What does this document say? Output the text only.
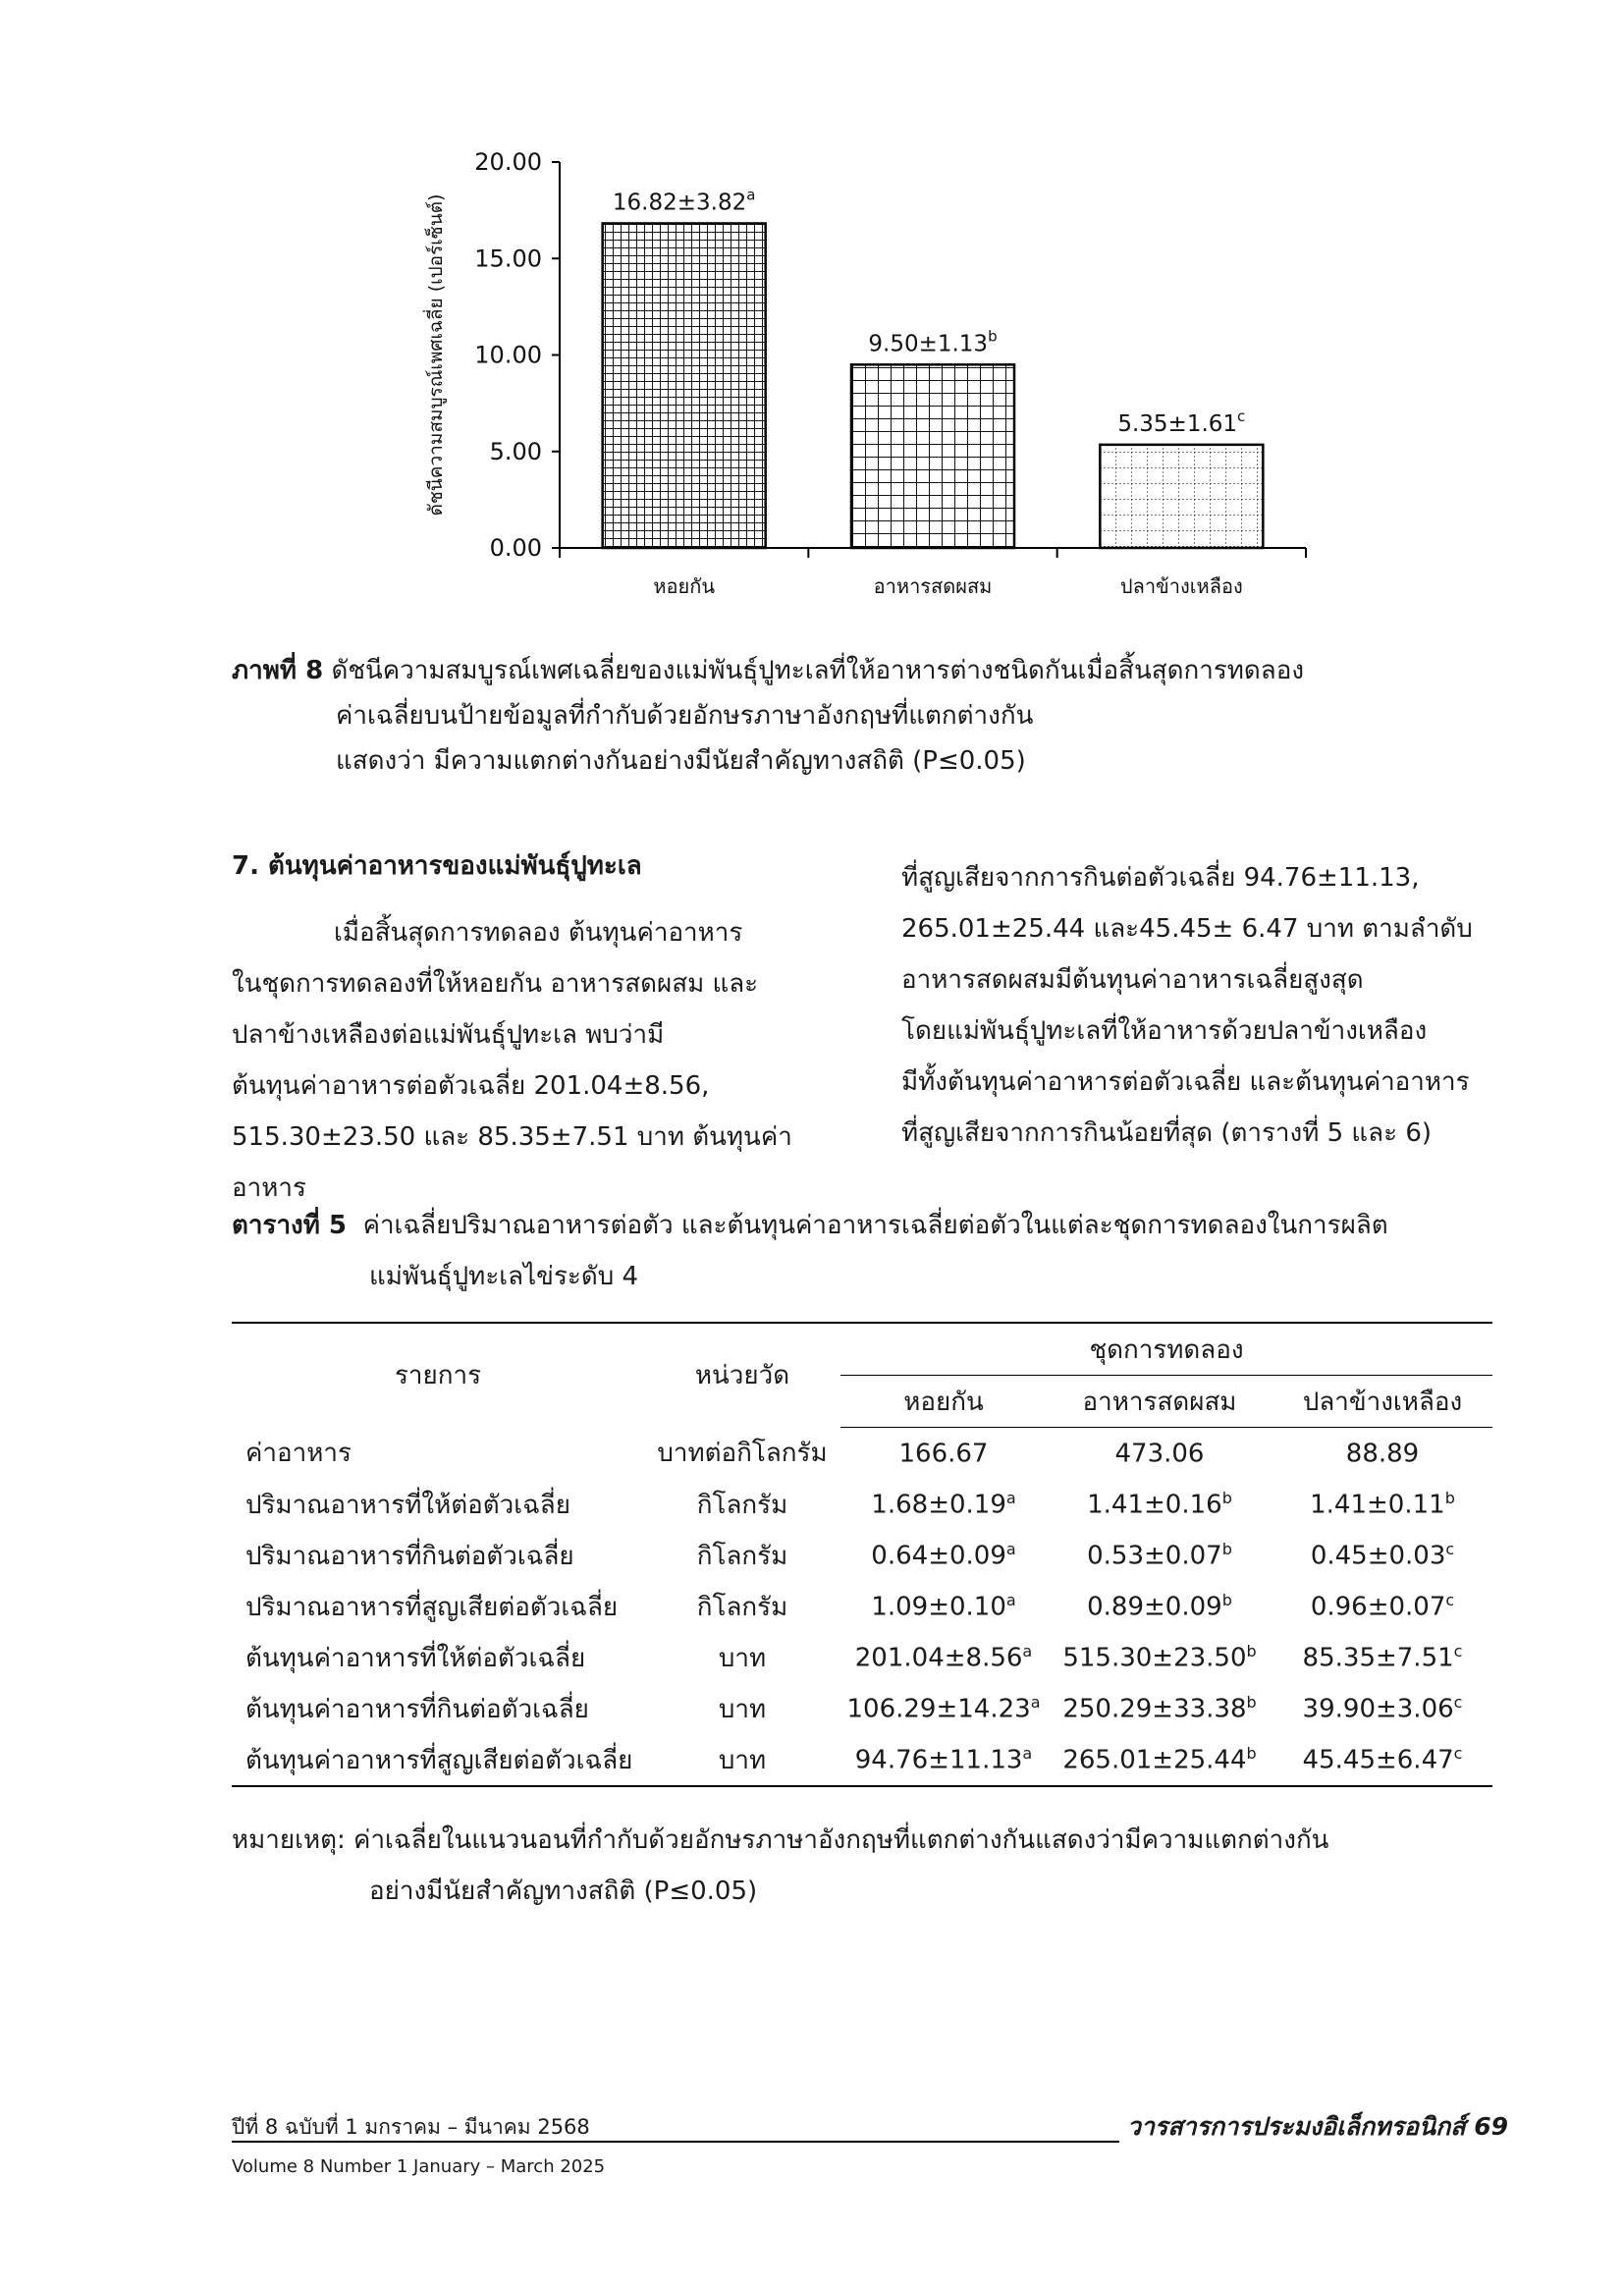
0.00
5.00
10.00
15.00
20.00
ดัชนีความสมบูรณ์เพศเฉลี่ย (เปอร์เซ็นต์)	16.82±3.82$^a$
หอยกัน
9.50±1.13$^b$
อาหารสดผสม
5.35±1.61$^c$
ปลาข้างเหลือง
ภาพที่ 8 ดัชนีความสมบูรณ์เพศเฉลี่ยของแม่พันธุ์ปูทะเลที่ให้อาหารต่างชนิดกันเมื่อสิ้นสุดการทดลอง
ค่าเฉลี่ยบนป้ายข้อมูลที่กำกับด้วยอักษรภาษาอังกฤษที่แตกต่างกัน
แสดงว่า มีความแตกต่างกันอย่างมีนัยสำคัญทางสถิติ (P≤0.05)
7. ต้นทุนค่าอาหารของแม่พันธุ์ปูทะเล
เมื่อสิ้นสุดการทดลอง ต้นทุนค่าอาหาร
ในชุดการทดลองที่ให้หอยกัน อาหารสดผสม และ
ปลาข้างเหลืองต่อแม่พันธุ์ปูทะเล พบว่ามี
ต้นทุนค่าอาหารต่อตัวเฉลี่ย 201.04±8.56,
515.30±23.50 และ 85.35±7.51 บาท ต้นทุนค่าอาหาร
ที่สูญเสียจากการกินต่อตัวเฉลี่ย 94.76±11.13,
265.01±25.44 และ45.45± 6.47 บาท ตามลำดับ
อาหารสดผสมมีต้นทุนค่าอาหารเฉลี่ยสูงสุด
โดยแม่พันธุ์ปูทะเลที่ให้อาหารด้วยปลาข้างเหลือง
มีทั้งต้นทุนค่าอาหารต่อตัวเฉลี่ย และต้นทุนค่าอาหาร
ที่สูญเสียจากการกินน้อยที่สุด (ตารางที่ 5 และ 6)
ตารางที่ 5 ค่าเฉลี่ยปริมาณอาหารต่อตัว และต้นทุนค่าอาหารเฉลี่ยต่อตัวในแต่ละชุดการทดลองในการผลิต
แม่พันธุ์ปูทะเลไข่ระดับ 4
รายการ	หน่วยวัด	ชุดการทดลอง		
		หอยกัน	อาหารสดผสม	ปลาข้างเหลือง
ค่าอาหาร	บาทต่อกิโลกรัม	166.67	473.06	88.89
ปริมาณอาหารที่ให้ต่อตัวเฉลี่ย	กิโลกรัม	1.68±0.19$^a$	1.41±0.16$^b$	1.41±0.11$^b$
ปริมาณอาหารที่กินต่อตัวเฉลี่ย	กิโลกรัม	0.64±0.09$^a$	0.53±0.07$^b$	0.45±0.03$^c$
ปริมาณอาหารที่สูญเสียต่อตัวเฉลี่ย	กิโลกรัม	1.09±0.10$^a$	0.89±0.09$^b$	0.96±0.07$^c$
ต้นทุนค่าอาหารที่ให้ต่อตัวเฉลี่ย	บาท	201.04±8.56$^a$	515.30±23.50$^b$	85.35±7.51$^c$
ต้นทุนค่าอาหารที่กินต่อตัวเฉลี่ย	บาท	106.29±14.23$^a$	250.29±33.38$^b$	39.90±3.06$^c$
ต้นทุนค่าอาหารที่สูญเสียต่อตัวเฉลี่ย	บาท	94.76±11.13$^a$	265.01±25.44$^b$	45.45±6.47$^c$
หมายเหตุ: ค่าเฉลี่ยในแนวนอนที่กำกับด้วยอักษรภาษาอังกฤษที่แตกต่างกันแสดงว่ามีความแตกต่างกัน
อย่างมีนัยสำคัญทางสถิติ (P≤0.05)
ปีที่ 8 ฉบับที่ 1 มกราคม – มีนาคม 2568
Volume 8 Number 1 January – March 2025
วารสารการประมงอิเล็กทรอนิกส์ 69
